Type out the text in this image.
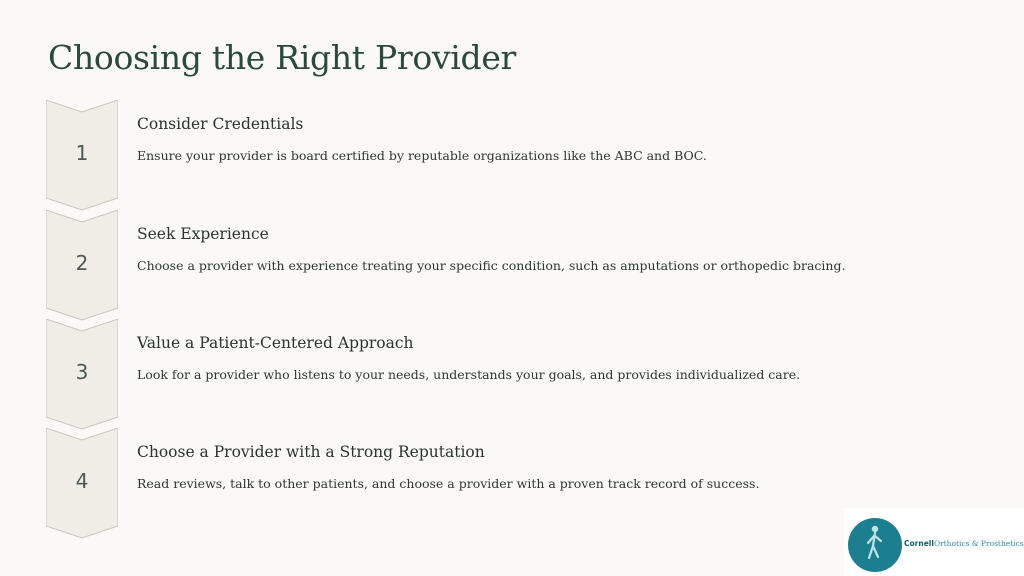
Choosing the Right Provider
1
Consider Credentials
Ensure your provider is board certified by reputable organizations like the ABC and BOC.
2
Seek Experience
Choose a provider with experience treating your specific condition, such as amputations or orthopedic bracing.
3
Value a Patient-Centered Approach
Look for a provider who listens to your needs, understands your goals, and provides individualized care.
4
Choose a Provider with a Strong Reputation
Read reviews, talk to other patients, and choose a provider with a proven track record of success.
CornellOrthotics & Prosthetics
